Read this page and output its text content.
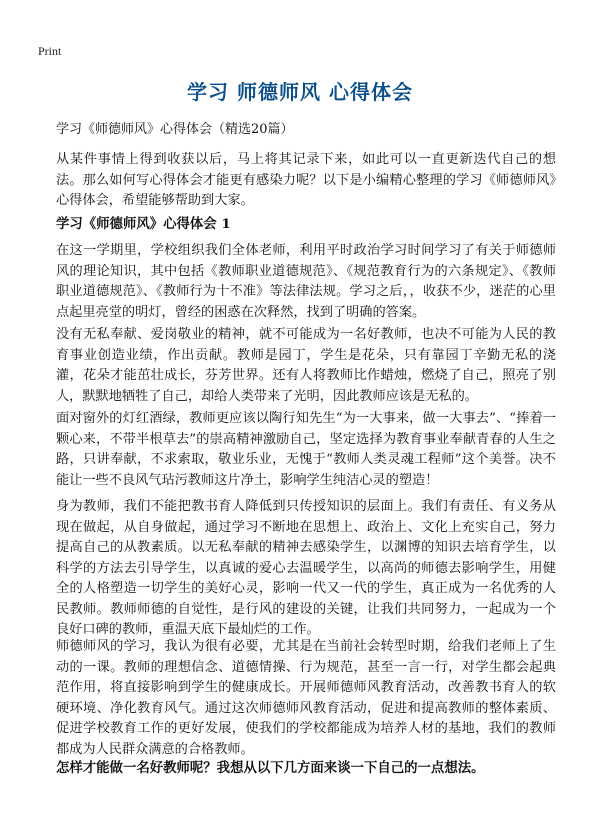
Print
学习 师德师风 心得体会
学习《师德师风》心得体会（精选20篇）

从某件事情上得到收获以后，马上将其记录下来，如此可以一直更新迭代自己的想法。那么如何写心得体会才能更有感染力呢？以下是小编精心整理的学习《师德师风》心得体会，希望能够帮助到大家。

学习《师德师风》心得体会 1

在这一学期里，学校组织我们全体老师，利用平时政治学习时间学习了有关于师德师风的理论知识，其中包括《教师职业道德规范》、《规范教育行为的六条规定》、《教师职业道德规范》、《教师行为十不准》等法律法规。学习之后，，收获不少，迷茫的心里点起里亮堂的明灯，曾经的困惑在次释然，找到了明确的答案。

没有无私奉献、爱岗敬业的精神，就不可能成为一名好教师，也决不可能为人民的教育事业创造业绩，作出贡献。教师是园丁，学生是花朵，只有靠园丁辛勤无私的浇灌，花朵才能茁壮成长，芬芳世界。还有人将教师比作蜡烛，燃烧了自己，照亮了别人，默默地牺牲了自己，却给人类带来了光明，因此教师应该是无私的。

面对窗外的灯红酒绿，教师更应该以陶行知先生“为一大事来，做一大事去”、“捧着一颗心来，不带半根草去”的崇高精神激励自己，坚定选择为教育事业奉献青春的人生之路，只讲奉献，不求索取，敬业乐业，无愧于“教师人类灵魂工程师”这个美誉。决不能让一些不良风气玷污教师这片净土，影响学生纯洁心灵的塑造！

身为教师，我们不能把教书育人降低到只传授知识的层面上。我们有责任、有义务从现在做起，从自身做起，通过学习不断地在思想上、政治上、文化上充实自己，努力提高自己的从教素质。以无私奉献的精神去感染学生，以渊博的知识去培育学生，以科学的方法去引导学生，以真诚的爱心去温暖学生，以高尚的师德去影响学生，用健全的人格塑造一切学生的美好心灵，影响一代又一代的学生，真正成为一名优秀的人民教师。教师师德的自觉性，是行风的建设的关键，让我们共同努力，一起成为一个良好口碑的教师，重温天底下最灿烂的工作。

师德师风的学习，我认为很有必要，尤其是在当前社会转型时期，给我们老师上了生动的一课。教师的理想信念、道德情操、行为规范，甚至一言一行，对学生都会起典范作用，将直接影响到学生的健康成长。开展师德师风教育活动，改善教书育人的软硬环境、净化教育风气。通过这次师德师风教育活动，促进和提高教师的整体素质、促进学校教育工作的更好发展，使我们的学校都能成为培养人材的基地，我们的教师都成为人民群众满意的合格教师。

怎样才能做一名好教师呢？我想从以下几方面来谈一下自己的一点想法。
